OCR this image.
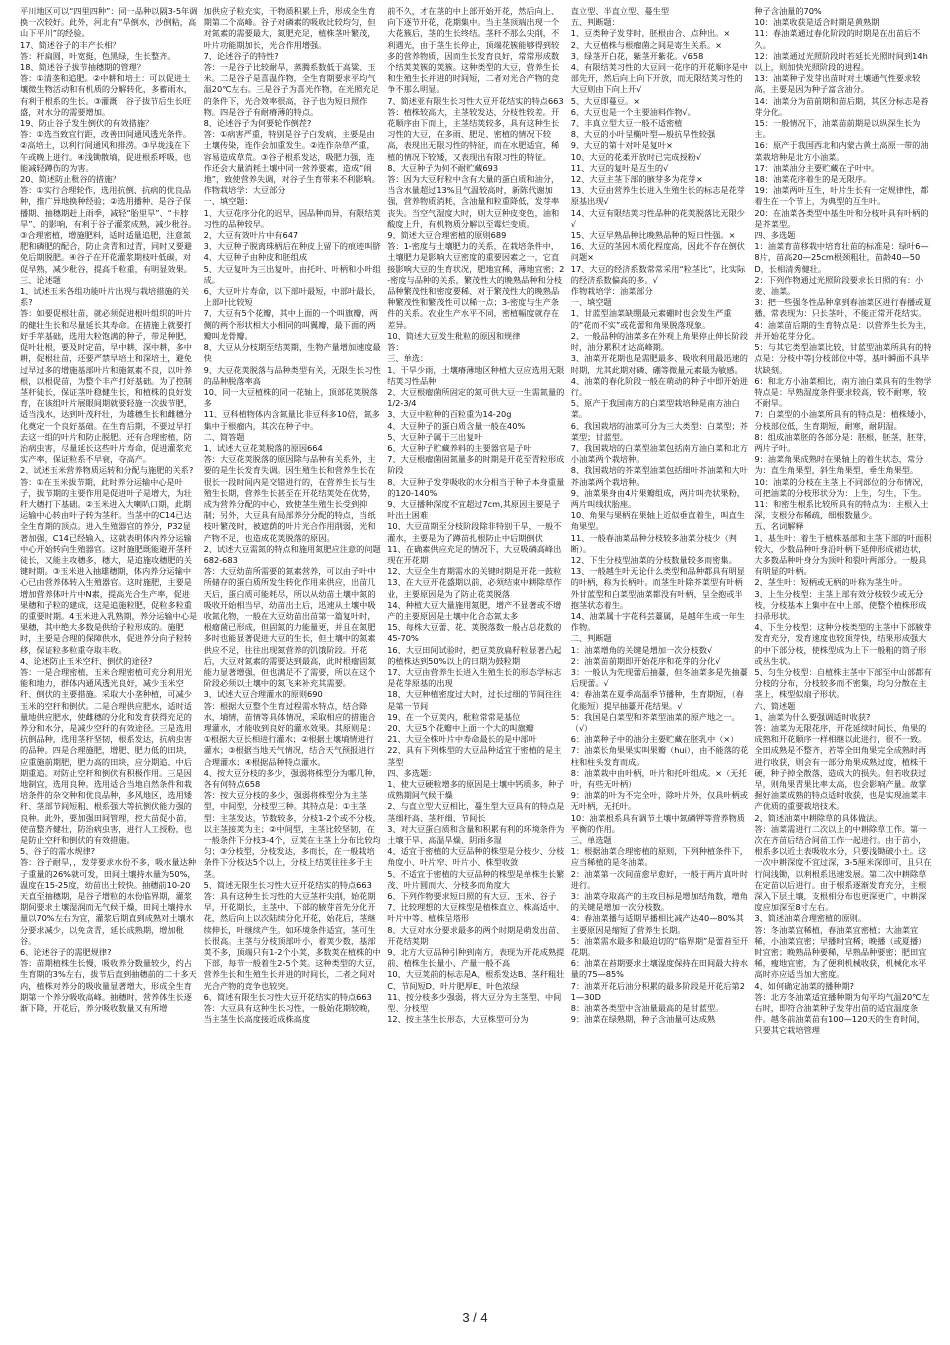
平川地区可以“四里四种”：同一品种以隔3-5年调换一次较好。此外，河北有“旱倒水，沙倒粘，高山下平川”的经验。

17、简述谷子的丰产长相？

答：秆扁圆，叶宽挺，色黑绿，生长整齐。

18、简述谷子拔节抽穗期的管理？

答：①清垄和追肥。②中耕和培土：可以促进土壤微生物活动和有机质的分解转化，多蓄雨水，有利于根系的生长。③灌溉　谷子拔节后生长旺盛，对水分的需要增加。

19、防止谷子发生倒伏的有效措施？

答：①选当致宜行距，改善田间通风透光条件。②高培土，以利行间通风和排涝。③早垅浅在下午或晚上进行。④浅锄散墒，促进根系呼吸，也能减轻蹲伤的为害。

20、简述防止秕谷的措施？

答：①实行合理轮作，选用抗倒、抗病的优良品种，推广异地换种经验；②选用播种、是谷子保播期、抽穗期赶上雨季，减轻“胎里旱”、“卡脖旱”、的影响，有利于谷子灌浆成熟，减少秕谷。③合理密植，增施肥料，适时适量追肥，注意氮肥和磷肥的配合，防止贪青和过青，同时又要避免后期脱肥。④谷子在开花灌浆期枝叶低碳，对促早熟，减少秕谷，提高千粒重，有明显效果。

三、论述题

1、试述玉米各组功能叶片出现与栽培措施的关系?

答：如要促根壮苗，就必须促进根叶组织的叶片的健壮生长和尽量延长其寿命。在措施上就要打好手苹基础，选用大粒饱满的种子，带足种肥，促叶壮根，要及时定苗，早中耕，深中耕，多中耕，促根壮苗，还要严禁早培土和深培土，避免过早过多的增施基部叶片和施氮素不良，以叶养根，以根促苗，为整个丰产打好基础。为了控制茎秆徒长，保证茎叶稳健生长，和植株的良好发育，在该组叶片展眼间期就要轻施一次拔节肥，适当浅水，达到叶茂秆壮，为雄穗生长和雌穗分化奠定一个良好基础。在生育后期，不要过早打去这一组的叶片和防止脱肥。还有合理密植，防治病虫害，尽量延长这些叶片寿命，促进灌浆充实产率，保证粒系不早衰，夺高产。

2、试述玉米营养物质运转和分配与施肥的关系?

答：①在玉米拔节期，此时养分运输中心是叶子，拔节期的主要作用是促进叶子是增大，为壮秆大穗打下基础。②玉米进入大喇叭口期，此期运输中心转由叶子转为茎秆。当茎中的C14已达全生育期的顶点。进入生殖器官的养分，P32显著加强，C14已经输入，这就表明体内养分运输中心开始转向生殖器官。这时施肥既能避开茎秆徒长，又能主攻穗多，穗大，是追施攻穗肥的关键时期。③玉米进入抽雄穗期，体内养分运输中心已由营养体转入生殖器官。这时施肥，主要是增加营养体叶片中N素，提高光合生产率，促进果穗和子粒的建成，这是追施粒肥，促粒多粒重的重要时期。4玉米进入乳熟期，养分运输中心是果穗，其中绝大多数是供给子粒形成的。施肥时，主要是合理的保障供水，促进养分向子粒转移，保证粒多粒重夺取丰收。

4、论述防止玉米空秆、倒伏的途径?

答：一是合理密植，玉米合理密植可充分利用光能和地力，群体内通风透光良好，减少玉米空秆、倒伏的主要措施。采取大小垄种植，可减少玉米的空秆和倒伏。二是合理供应肥水，适时适量地供应肥水，使雌穗的分化和发育获得充足的养分和水分，是减少空秆的有效途径。三是选用抗倒品种，选用茎秆坚韧，根系发达，抗病虫害的品种。四是合理施肥，增肥、肥力低的田块，应重施前期肥，肥力高的田块，应分期追、中后期重追。对防止空秆和倒伏有积极作用。三是因地制宜，选用良种。选用适合当地自然条件和栽培条件的杂交种和优良品种，多风地区，选用矮秆、茎部节间短粗、根系强大等抗倒伏能力强的良种。此外，要加强田间管理，控大苗促小苗，使苗整齐健壮，防治病虫害，进行人工授粉，也是防止空秆和倒伏的有效措施。

5、谷子的需水规律?

答：谷子耐旱，，发芽要求水份不多，吸水量达种子重量的26%就可发，田间土壤持水量为50%，温度在15-25度，幼苗出土较快。抽穗前10-20天直至抽穗期，是谷子增粒的水份临界期，灌浆期间要求土壤湿润而无气候干燥，田间土壤持水量以70%左右为宜，灌浆后期直到成熟对土壤水分要求减少，以免贪青，延长成熟期，增加秕谷。

6、论述谷子的需肥规律?

答：苗期植株生长慢，吸收养分数量较少，约占生育期的3%左右，拔节后直到抽穗前的二十多天内，植株对养分的吸收量显著增大，形成全生育期第一个养分吸收高峰。抽穗时，营养体生长逐渐下降，开花后，养分吸收数量又有所增

加供应子粒充实，干物质积累上升，形成全生育期第二个高峰。谷子对磷素的吸收比较均匀，但对氮素的需要最大，氮肥充足，植株茎叶繁茂，叶片功能期加长，光合作用增强。

7、论述谷子的特性?

答：一是谷子比较耐旱，蒸腾系数低于高粱、玉米。二是谷子是喜温作物，全生育期要求平均气温20℃左右。三是谷子为喜光作物，在光照充足的条件下，光合效率很高，谷子也为短日照作物。四是谷子有耐瘠薄的特点。

8、论述谷子为何要轮作倒茬?

答：①病害严重，特别是谷子白发病，主要是由土壤传染，连作会加重发生。②连作杂草严重，容易造成草荒。③谷子根系发达，吸肥力强，连作还会大量消耗土壤中同一营养要素，造成“闹地”，致使营养失调，对谷子生育带来不利影响。

作物栽培学：大豆部分

一、填空题：

1、大豆花序分化的迟早，因品种而异，有限结荚习性的品种较早。

2、大豆有效叶片中有647

3、大豆种子脱离珠柄后在种皮上留下的痕迹叫脐

4、大豆种子由种皮和胚组成

5、大豆复叶为三出复叶，由托叶、叶柄和小叶组成。

6、大豆叶片寿命，以下部叶最短，中部叶最长，上部叶比较短

7、大豆有5个花瓣，其中上面的一个叫旗瓣，两侧的两个形状相大小相同的叫翼瓣，最下面的两瓣叫龙骨瓣。

8、大豆从分枝期至结荚期，生物产量增加速度最快

9、大豆花荚脱落与品种类型有关，无限生长习性的品种脱落率高

10、同一大豆植株的同一花轴上，顶部花荚脱落多

11、豆科植物体内含氮量比非豆科多10倍，氮多集中于根瘤内，其次在种子中。

二、简答题

1、试述大豆花荚脱落的原因664

答：大豆花荚脱落的原因除与品种有关系外，主要的是生长发育失调。因生殖生长和营养生长在很长一段时间内是交错进行的，在营养生长与生殖生长期，营养生长甚至在开花结荚处在优势，成为营养分配的中心，致使茎生殖生长受到抑制；另外，大豆具有局部养分分配的特点，当纸枝叶繁茂时，被遮荫的叶片光合作用削弱，光和产物不足，也造成花荚脱落的原因。

2、试述大豆需氮的特点和施用氮肥应注意的问题682-683

答：大豆幼苗所需要的氮素营养，可以由子叶中所储存的蛋白质所发生转化作用来供应，出苗几天后，蛋白质可能耗尽，所以从幼苗土壤中氮的吸收开始相当早，幼苗出土后，迅速从土壤中吸收氮化物，一般在大豆幼苗出苗第一篇复叶时，根瘤菌已形成，但固氮的力能量更，并且在氮肥多时也能显著促进大豆的生长，但土壤中的氮素供应不足，往往出现氮营养的饥饿阶段。开花后，大豆对氮素的需要达到最高，此时根瘤固氮能力显著增强，但也满足不了需要，所以在这个阶段必须以土壤中的氮飞来补充其需要。

3、试述大豆合理灌水的原则690

答：根据大豆整个生育过程需水特点，结合降水，墒情，苗情等具体情况，采取相应的措施合理灌水，才能收到良好的灌水效果。其原则是：①根据大豆长相进行灌水；②根据土壤墒情进行灌水；③根据当地天气情况，结合天气预报进行合理灌水；④根据品种特点灌水。

4、按大豆分枝的多少，强弱将株型分为哪几种，各有何特点658

答：按大豆分枝的多少，强弱将株型分为主茎型，中间型，分枝型三种。其特点是：①主茎型：主茎发达，节数较多，分枝1-2个或不分枝，以主茎接荚为主；②中间型，主茎比较坚韧，在一般条件下分枝3-4个，豆荚在主茎上分布比较均匀；③分枝型，分枝发达，多而长，在一般栽培条件下分枝达5个以上，分枝上结荚往往多于主茎。

5、简述无限生长习性大豆开花结实的特点663

答：具有这种生长习性的大豆茎秆尖削，始花期早，开花期长，主茎中、下部的腋芽首先分化开花，然后向上以次陆续分化开花，始花后，茎继续伸长，叶继续产生。如环境条件适宜，茎可生长很高。主茎与分枝顶部叶小，着荚少数，基部荚不多，顶端只有1-2个小荚，多数荚在植株的中下部，每节一般着生2-5个荚。这种类型的大豆，营养生长和生殖生长并进的时间长，二者之间对光合产物的竞争也较突。

6、简述有限生长习性大豆开花结实的特点663

答：大豆具有这种生长习性，一般始花期较晚，当主茎生长高度接近成株高度

前不久，才在茎的中上部开始开花，然后向上、向下逐节开花，花期集中。当主茎顶端出现一个大花簇后，茎的生长终结。茎秆不那么尖削，不利遇光，由于茎生长停止，顶端花簇能够得到较多的营养物质，因而生长发育良好，常常形成数个结荚荚簇的荚簇。这种类型的大豆，营养生长和生殖生长并进的时间短，二者对光合产物的竞争不那么明显。

7、简述亚有限生长习性大豆开花结实的特点663

答：植株较高大，主茎较发达，分枝性较差。开花顺序由下而上，主茎结荚较多，具有这种生长习性的大豆，在多雨、肥足、密植的情况下较高，表现出无限习性的特征，而在水肥适宜，稀植的情况下较矮，又表现出有限习性的特征。

8、大豆种子为何不耐贮藏693

答：因为大豆籽粒中含有大量的蛋白质和油分，当含水量超过13%且气温较高时，新陈代谢加强，营养物质消耗，含油量和粒重降低，发芽率丧失。当空气湿度大时，则大豆种皮变色，油和酸度上升，有机物质分解以至霉烂变质。

9、简述大豆合理密植的原则689

答：1-密度与土壤肥力的关系，在栽培条件中，土壤肥力是影响大豆密度的重要因素之一，它直接影响大豆的生育状况，肥地宜稀，薄地宜密；2-密度与品种的关系，繁茂性大的晚熟品种和分枝品种繁茂性和密度要稀、对于繁茂性大的晚熟品种繁茂性和繁茂性可以稀一点；3-密度与生产条件的关系。农业生产水平不同，密植幅度就存在差异。

10、简述大豆发生秕粒的原因和规律

答：

三、单选：

1、干旱少雨，土壤瘠薄地区种植大豆应选用无限结荚习性品种

2、大豆根瘤菌所固定的氮可供大豆一生需氮量的1/2-3/4

3、大豆中粒种的百粒重为14-20g

4、大豆种子的蛋白质含量一般在40%

5、大豆种子属于三出复叶

6、大豆种子贮藏养料的主要器官是子叶

7、大豆根瘤菌固氮量多的时期是开花至青粒形成阶段

8、大豆种子发芽吸收的水分相当于种子本身重量的120-140%

9、大豆播种深度不宜超过7cm,其原因主要是子叶出土困难

10、大豆苗期至分枝阶段除非特别干旱，一般不灌水，主要是为了蹲苗扎根防止中后期倒伏

11、在确素供应充足的情况下，大豆吸磷高峰出现在开花期

12、大豆全生育期需水的关键时期是开花一鼓粒

13、在大豆开花盛期以前，必须结束中耕除草作业，主要原因是为了防止花荚脱落

14、种植大豆大量施用氮肥，增产不显著或不增产的主要原因是土壤中化合态氮太多

15、每株大豆蕾、花、荚脱落数一般占总花数的45-70%

16、大豆田间试验时，把豆荚放扁籽粒显著凸起的植株达到50%以上的日期为鼓粒期

17、大豆由营养生长进入生殖生长的形态学标志是花芽原基的出现

18、大豆种植密度过大时，过长过细的节间往往是第一节间

19、在一个豆荚内，秕粒常常是基位

20、大豆5个花瓣中上面一个大的叫旗瓣

21、大豆全株叶片中寿命最长的是中部叶

22、具有下列株型的大豆品种适宜于密植的是主茎型

四、多选题：

1、使大豆硬粒增多的原因是土壤中钙质多，种子成熟期间气候干燥

2、与直立型大豆相比，蔓生型大豆具有的特点是茎细秆高、茎秆细、节间长

3、对大豆蛋白质和含量和积累有利的环境条件为土壤干旱、高温旱燥、阴雨多湿

4、适宜于密植的大豆品种的株型是分枝少、分枝角度小、叶片窄、叶片小、株型收敛

5、不适宜于密植的大豆品种的株型是单株生长繁茂、叶片圆而大、分枝多而角度大

6、下列作物要求短日照的有大豆、玉米、谷子

7、比较理想的大豆株型是植株直立、株高适中、叶片中等、植株呈塔形

8、大豆对水分要求最多的两个时期是萌发出苗、开花结荚期

9、北方大豆品种引种到南方，表现为开花成熟提前、植株生长量小、产量一般不高

10、大豆荚前的标志是A、根系发达B、茎秆粗壮C、节间短D、叶片肥厚E、叶色浓绿

11、按分枝多少强弱，将大豆分为主茎型、中间型、分枝型

12、按主茎生长形态，大豆株型可分为

直立型、半直立型、蔓生型

五、判断题：

1、豆类种子发芽时，胚根由合、点种出。×

2、大豆植株与根瘤菌之间是寄生关系。×

3、绿茎开白花，紫茎开紫花。√658

4、有限结荚习性的大豆同一花序的开花顺序是中部先开，然后向上向下开放，而无限结荚习性的大豆则由下向上开√

5、大豆即蔓豆。×

6、大豆也是一个主要油料作物√。

7、丰真立型大豆一般不适密植

8、大豆的小叶呈椭叶型—般抗旱性较强

9、大豆的第十对叶是复叶×

10、大豆的花柔开放时已完成授粉√

11、大豆的复叶是互生的√

12、大豆主茎下部的腋芽多为花芽×

13、大豆由营养生长进入生殖生长的标志是花芽原基出现√

14、大豆有限结荚习性品种的花荚脱落比无限少√

15、大豆早熟品种比晚熟品种的短日性强。×

16、大豆的茎因木质化程度高，因此不存在倒伏问题×

17、大豆的经济系数常常采用“粒茎比”，比实际的经济系数偏高的多。√

作物栽培学：油菜部分

一、填空题

1、甘蓝型油菜缺绷最元素硼时也会发生严重的“花而不实”或花蕾和角果脱落现象。

2、一般品种的油菜多在外观上角果停止伸长阶段时，油分累积才达高峰期。

3、油菜开花期也是需肥最多、吸收利用最迅速的时期，尤其此期对磷、硼等微量元素最为敏感。

4、油菜的春化阶段一般在萌动的种子中即开始进行。

5、原产于我国南方的白菜型栽培种是南方油白菜。

6、我国栽培的油菜可分为三大类型：白菜型；芥菜型；甘蓝型。

7、我国栽培的白菜型油菜包括南方油白菜和北方小油菜两个栽培种。

8、我国栽培的芥菜型油菜包括细叶芥油菜和大叶芥油菜两个栽培种。

9、油菜果身由4片果瓣组成，两片叫壳状果粉，两片叫线状胎座。

10、角果与果柄在果轴上近似垂直着生，叫直生角果型。

11、一般春油菜品种分枝较多油菜分枝少（判断）。

12、下生分枝型油菜的分枝数量较多而密集。

13、一般越生叶无论什么类型和品种都具有明显的叶柄，称为长柄叶。而茎生叶除芥菜型有叶柄外甘蓝型和白菜型油菜都没有叶柄，呈全抱或半抱茎状态着生。

14、油菜属十字花科芸薹属，是越年生或一年生作物。

二、判断题

1：油菜增角的关键是增加一次分枝数√

2：油菜苗前期即开始花序和花芽的分化√

3：一般认为先现蕾后抽薹，但冬油菜多是先抽薹后现蕾。√

4：春油菜在夏季高温季节播种，生育期短，（春化能短）提早抽薹开花结果。√

5：我国是白菜型和芥菜型油菜的原产地之一。（√）

6：油菜种子中的油分主要贮藏在胚乳中（×）

7：油菜长角果果实叫果瓣（hui），由不能落的花柱和柱头发育而成。

8：油菜栽中由叶柄，叶片和托叶组成。×（无托叶，有些无叶柄）

9：油菜的叶为不完全叶，除叶片外，仅具叶柄或无叶柄，无托叶。

10：油菜根系具有调节土壤中氮磷钾等营养物质平衡的作用。

三、单选题

1：根据油菜合理密植的原则，下列种植条件下，应当稀植的是冬油菜。

2：油菜第一次间苗愈早愈好，一般于两片真叶时进行。

3：油菜夺取高产的主攻目标是增加结角数，增角的关键是增加一次分枝数。

4：春油菜播与适期早播相比减产达40—80%其主要原因是缩短了营养生长期。

5：油菜需水最多和最迫切的“临界期”是蕾苔至开花期。

6：油菜在苔期要求土壤湿度保持在田间最大持水量的75—85%

7：油菜开花后油分积累的最多阶段是开花后第21—30D

8：油菜各类型中含油量最高的是甘蓝型。

9：油菜在绿熟期，种子含油量可达成熟

种子含油量的70%

10：油菜收获是适合时期是黄熟期

11：春油菜通过春化阶段的时期是在出苗后不久。

12：油菜通过光照阶段时若延长光照时间到14h以上，则加快光照阶段的进程。

13：油菜种子发芽出苗时对土壤通气性要求较高，主要是因为种子富含油分。

14：油菜分为苗前期和苗后期，其区分标志是苔芽分化。

15：一般情况下，油菜苗前期是以纵深生长为主。

16：原产于我国西北和内蒙古黄土高原一带的油菜栽培种是北方小油菜。

17：油菜油分主要贮藏在子叶中。

18：油菜花序着生的是无限序。

19：油菜两叶互生，叶片生长有一定规律性，都着生在一个节上，为典型的互生叶。

20：在油菜各类型中基生叶和分枝叶具有叶柄的是芥菜型。

四、多选题

1：油菜育苗移栽中培育壮苗的标准是：绿叶6—8片，苗高20—25cm根颈粗壮，苗龄40—50D，长相清秀健壮。

2：下列作物通过光照阶段要求长日照的有：小麦、油菜。

3：把一些强冬性品种拿到春油菜区进行春播或夏播，常表现为：只长茎叶，不能正常开花结实。

4：油菜苗后期的生育特点是：以营养生长为主，并开始花芽分化。

5：与其它类型油菜比较，甘蓝型油菜所具有的特点是：分枝中等|分枝部位中等，基叶瞬面不具毕状缺刻。

6：和北方小油菜相比，南方油白菜具有的生物学特点是：早熟湿度条件要求较高，较不耐寒，较不耐旱。

7：白菜型的小油菜所具有的特点是：植株矮小，分枝部位低，生育期短，耐寒，耐阴湿。

8：组成油菜胚的各部分是：胚根，胚茎，胚芽，两片子叶。

9：油菜角果成熟时在果轴上的着生状态，常分为：直生角果型，斜生角果型，垂生角果型。

10：油菜的分枝在主茎上不同部位的分布情况，可把油菜的分枝形状分为：上生，匀生，下生。

11：和密生根系比较所具有的特点为：主根入土深，支根分布稀疏，细根数量少。

五、名词解释

1、基生叶：着生于植株基部和主茎下部的叶面积较大，少数品种叶身沿叶柄下延伸形成裙边状，大多数品种叶身分为顶叶和裂叶两部分。一般具有明显的叶柄。

2、茎生叶：短柄或无柄的叶称为茎生叶。

3、上生分枝型：主茎上部有效分枝较少或无分枝，分枝基本上集中在中上部，使整个植株形成扫帚形状。

4、下生分枝型：这种分枝类型的主茎中下部腋芽发育充分，发育速度也较顶芽快，结果形成强大的中下部分枝，使株型成为上下一般粗的筒子形或丛生状。

5、匀生分枝型：自植株主茎中下部至中山部都有分枝的分布，分枝较多而不密集，均匀分散在主茎上，株型似扇子形状。

六、简述题

1、油菜为什么要强调适时收获?

答：油菜为无限花序，开花延续时间长，角果的成熟和开花顺序一样相继以此进行，很不一致。全田成熟是不整齐，若等全田角果完全成熟时再进行收获，则会有一部分角果成熟过度，植株干硬，种子掉全散落，造成大的损失。但若收获过早，则角果青果比率太高，也会影响产量。故掌握好油菜成熟的特点适时收获，也是实现油菜丰产优质的重要栽培技术。

2、简述油菜中耕除草的具体做法。

答：油菜需进行二次以上的中耕除草工作。第一次在齐苗后结合间苗工作一起进行。由于苗小，根系多以近土表吸收水分，只要浅锄破小土。这一次中耕深度不宜过深，3-5厘米深即可，且只在行间浅锄，以利根系迅速发展。第二次中耕除草在定苗以后进行。由于根系逐渐发育充分，主根深入下层土壤，支根相分布也更深更广，中耕深度应加深至8寸左右。

3、简述油菜合理密植的原则。

答：冬油菜宜稀植，春油菜宜密植；大油菜宜稀，小油菜宜密；早播时宜稀，晚播（或夏播）时宜密；晚熟品种要稀，早熟品种要密；肥田宜稀，瘦地宜密，为了便利机械收获，机械化水平高时亦应适当加大密度。

4、如何确定油菜的播种期?

答：北方冬油菜适宜播种期为旬平均气温20℃左右时，即符合油菜种子发芽出苗的适宜温度条件。越冬前油菜苗有100—120天的生育时间，只要其它栽培管理

3 / 4
